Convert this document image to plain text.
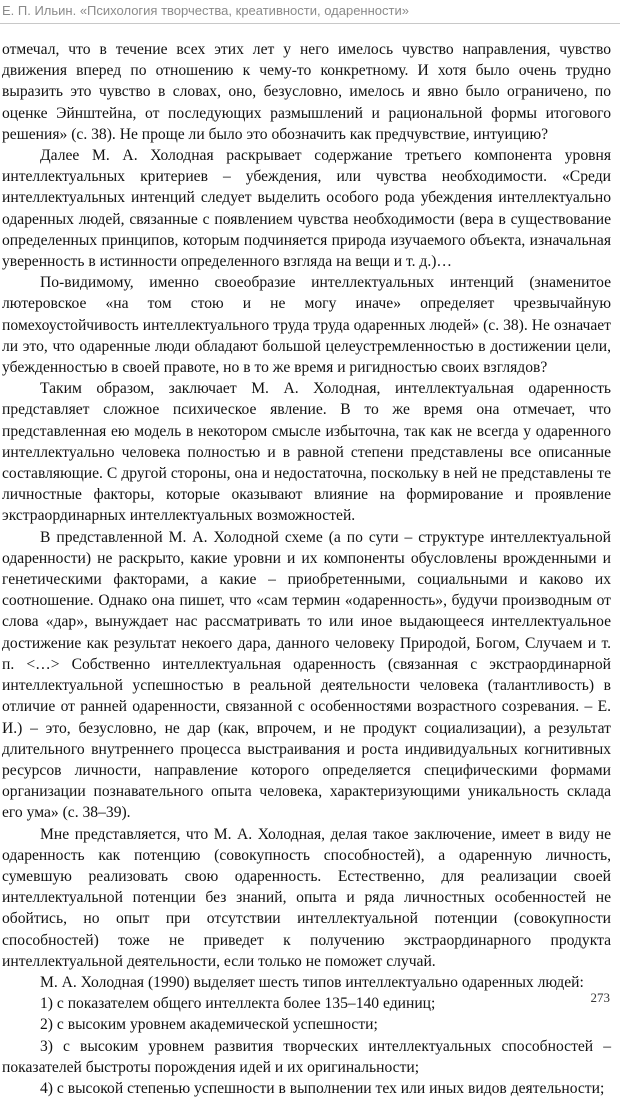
Е. П. Ильин. «Психология творчества, креативности, одаренности»

отмечал, что в течение всех этих лет у него имелось чувство направления, чувство движения вперед по отношению к чему-то конкретному. И хотя было очень трудно выразить это чувство в словах, оно, безусловно, имелось и явно было ограничено, по оценке Эйнштейна, от последующих размышлений и рациональной формы итогового решения» (с. 38). Не проще ли было это обозначить как предчувствие, интуицию?

Далее М. А. Холодная раскрывает содержание третьего компонента уровня интеллектуальных критериев – убеждения, или чувства необходимости. «Среди интеллектуальных интенций следует выделить особого рода убеждения интеллектуально одаренных людей, связанные с появлением чувства необходимости (вера в существование определенных принципов, которым подчиняется природа изучаемого объекта, изначальная уверенность в истинности определенного взгляда на вещи и т. д.)…

По-видимому, именно своеобразие интеллектуальных интенций (знаменитое лютеровское «на том стою и не могу иначе» определяет чрезвычайную помехоустойчивость интеллектуального труда труда одаренных людей» (с. 38). Не означает ли это, что одаренные люди обладают большой целеустремленностью в достижении цели, убежденностью в своей правоте, но в то же время и ригидностью своих взглядов?

Таким образом, заключает М. А. Холодная, интеллектуальная одаренность представляет сложное психическое явление. В то же время она отмечает, что представленная ею модель в некотором смысле избыточна, так как не всегда у одаренного интеллектуально человека полностью и в равной степени представлены все описанные составляющие. С другой стороны, она и недостаточна, поскольку в ней не представлены те личностные факторы, которые оказывают влияние на формирование и проявление экстраординарных интеллектуальных возможностей.

В представленной М. А. Холодной схеме (а по сути – структуре интеллектуальной одаренности) не раскрыто, какие уровни и их компоненты обусловлены врожденными и генетическими факторами, а какие – приобретенными, социальными и каково их соотношение. Однако она пишет, что «сам термин «одаренность», будучи производным от слова «дар», вынуждает нас рассматривать то или иное выдающееся интеллектуальное достижение как результат некоего дара, данного человеку Природой, Богом, Случаем и т. п. <…> Собственно интеллектуальная одаренность (связанная с экстраординарной интеллектуальной успешностью в реальной деятельности человека (талантливость) в отличие от ранней одаренности, связанной с особенностями возрастного созревания. – Е. И.) – это, безусловно, не дар (как, впрочем, и не продукт социализации), а результат длительного внутреннего процесса выстраивания и роста индивидуальных когнитивных ресурсов личности, направление которого определяется специфическими формами организации познавательного опыта человека, характеризующими уникальность склада его ума» (с. 38–39).

Мне представляется, что М. А. Холодная, делая такое заключение, имеет в виду не одаренность как потенцию (совокупность способностей), а одаренную личность, сумевшую реализовать свою одаренность. Естественно, для реализации своей интеллектуальной потенции без знаний, опыта и ряда личностных особенностей не обойтись, но опыт при отсутствии интеллектуальной потенции (совокупности способностей) тоже не приведет к получению экстраординарного продукта интеллектуальной деятельности, если только не поможет случай.

М. А. Холодная (1990) выделяет шесть типов интеллектуально одаренных людей:

1) с показателем общего интеллекта более 135–140 единиц;

2) с высоким уровнем академической успешности;

3) с высоким уровнем развития творческих интеллектуальных способностей – показателей быстроты порождения идей и их оригинальности;

4) с высокой степенью успешности в выполнении тех или иных видов деятельности;

273
